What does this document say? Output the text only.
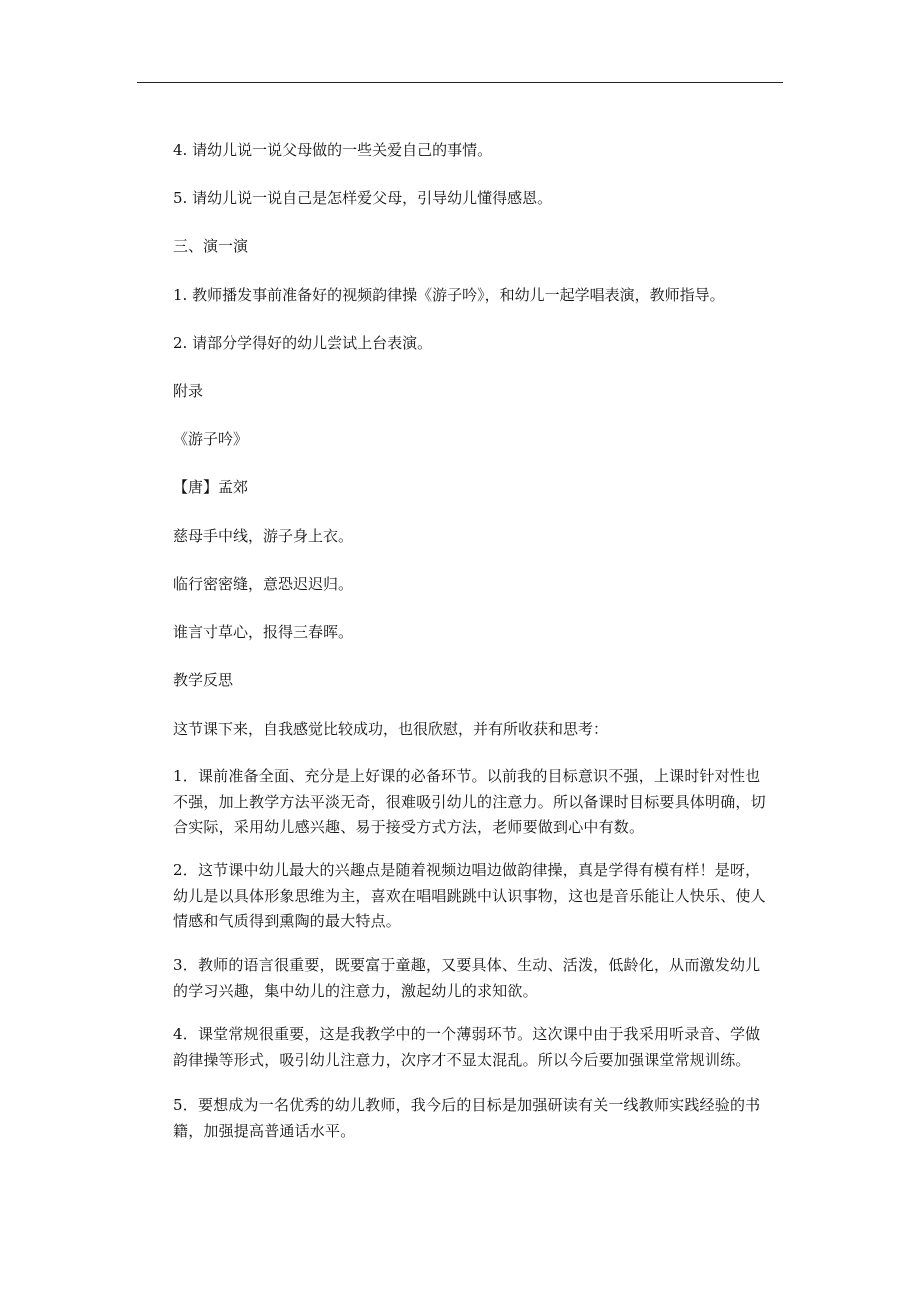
4. 请幼儿说一说父母做的一些关爱自己的事情。

5. 请幼儿说一说自己是怎样爱父母，引导幼儿懂得感恩。

三、演一演

1. 教师播发事前准备好的视频韵律操《游子吟》，和幼儿一起学唱表演，教师指导。

2. 请部分学得好的幼儿尝试上台表演。

附录

《游子吟》

【唐】孟郊

慈母手中线，游子身上衣。

临行密密缝，意恐迟迟归。

谁言寸草心，报得三春晖。

教学反思

这节课下来，自我感觉比较成功，也很欣慰，并有所收获和思考：

1．课前准备全面、充分是上好课的必备环节。以前我的目标意识不强，上课时针对性也不强，加上教学方法平淡无奇，很难吸引幼儿的注意力。所以备课时目标要具体明确，切合实际，采用幼儿感兴趣、易于接受方式方法，老师要做到心中有数。

2．这节课中幼儿最大的兴趣点是随着视频边唱边做韵律操，真是学得有模有样！是呀，幼儿是以具体形象思维为主，喜欢在唱唱跳跳中认识事物，这也是音乐能让人快乐、使人情感和气质得到熏陶的最大特点。

3．教师的语言很重要，既要富于童趣，又要具体、生动、活泼，低龄化，从而激发幼儿的学习兴趣，集中幼儿的注意力，激起幼儿的求知欲。

4．课堂常规很重要，这是我教学中的一个薄弱环节。这次课中由于我采用听录音、学做韵律操等形式，吸引幼儿注意力，次序才不显太混乱。所以今后要加强课堂常规训练。

5．要想成为一名优秀的幼儿教师，我今后的目标是加强研读有关一线教师实践经验的书籍，加强提高普通话水平。
